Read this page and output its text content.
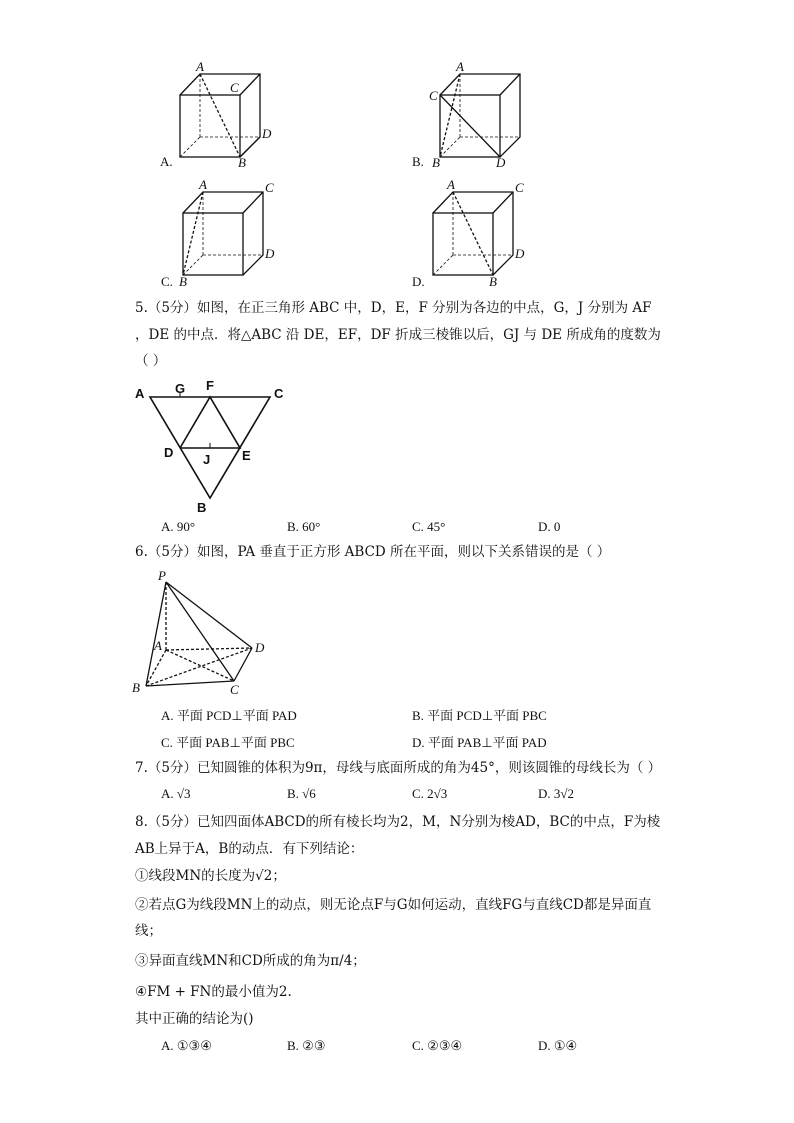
A
C
D
B
A.
A
C
D
B
B.
A	C
D
B
C.
A	C
D
B
D.
5.（5分）如图，在正三角形 ABC 中，D，E，F 分别为各边的中点，G，J 分别为 AF
，DE 的中点．将△ABC 沿 DE，EF，DF 折成三棱锥以后，GJ 与 DE 所成角的度数为
（ ）
A G F
C
D J E
B
A. 90°	B. 60°	C. 45°	D. 0
6.（5分）如图，PA 垂直于正方形 ABCD 所在平面，则以下关系错误的是（ ）
P
A
B	C
D
A. 平面 PCD⊥平面 PAD	B. 平面 PCD⊥平面 PBC
C. 平面 PAB⊥平面 PBC	D. 平面 PAB⊥平面 PAD
7.（5分）已知圆锥的体积为9π，母线与底面所成的角为45°，则该圆锥的母线长为（ ）
A. √3	B. √6	C. 2√3	D. 3√2
8.（5分）已知四面体ABCD的所有棱长均为2，M，N分别为棱AD，BC的中点，F为棱
AB上异于A，B的动点．有下列结论：
①线段MN的长度为√2；
②若点G为线段MN上的动点，则无论点F与G如何运动，直线FG与直线CD都是异面直
线；
③异面直线MN和CD所成的角为π/4；
④FM + FN的最小值为2.
其中正确的结论为()
A. ①③④	B. ②③	C. ②③④	D. ①④
